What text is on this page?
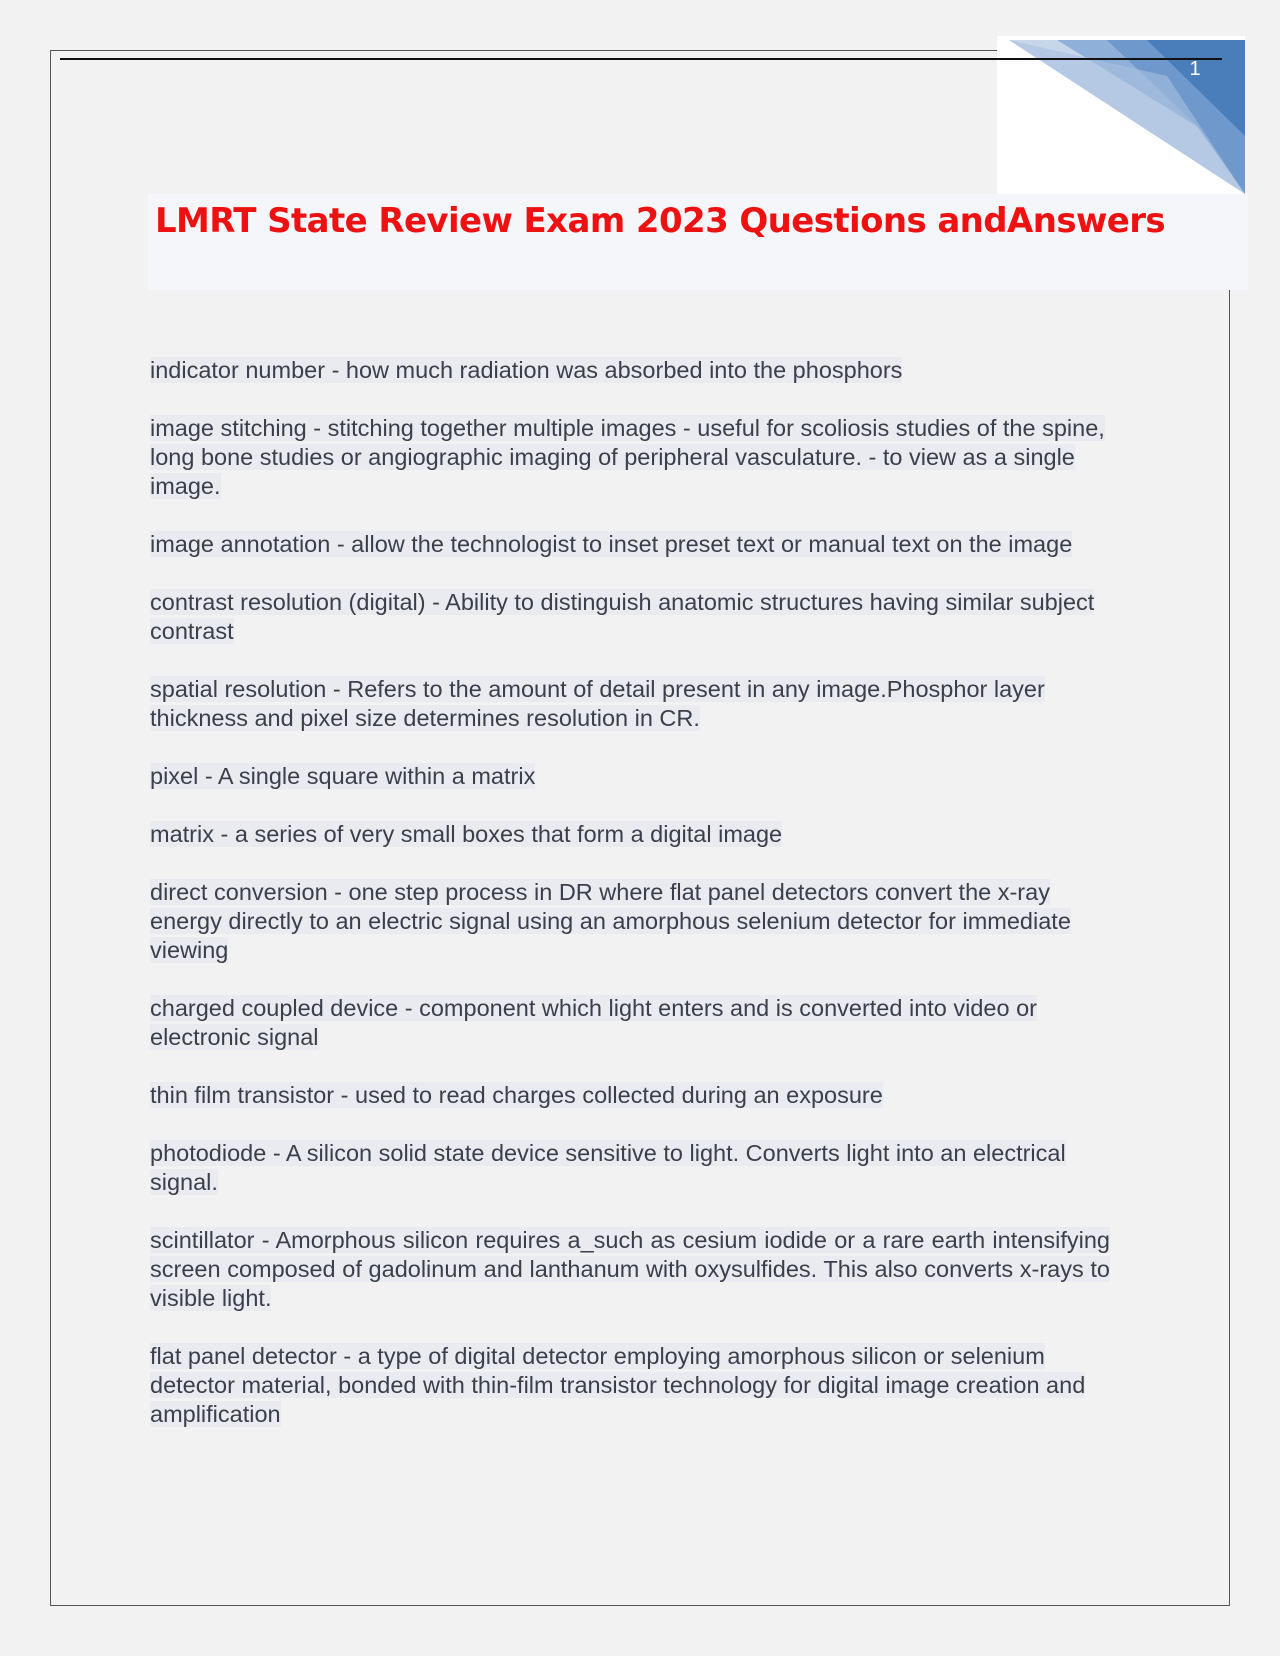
1
LMRT State Review Exam 2023 Questions andAnswers

indicator number - how much radiation was absorbed into the phosphors

image stitching - stitching together multiple images - useful for scoliosis studies of the spine, long bone studies or angiographic imaging of peripheral vasculature. - to view as a single image.

image annotation - allow the technologist to inset preset text or manual text on the image

contrast resolution (digital) - Ability to distinguish anatomic structures having similar subject contrast

spatial resolution - Refers to the amount of detail present in any image.Phosphor layer thickness and pixel size determines resolution in CR.

pixel - A single square within a matrix

matrix - a series of very small boxes that form a digital image

direct conversion - one step process in DR where flat panel detectors convert the x-ray energy directly to an electric signal using an amorphous selenium detector for immediate viewing

charged coupled device - component which light enters and is converted into video or electronic signal

thin film transistor - used to read charges collected during an exposure

photodiode - A silicon solid state device sensitive to light. Converts light into an electrical signal.

scintillator - Amorphous silicon requires a_such as cesium iodide or a rare earth intensifying screen composed of gadolinum and lanthanum with oxysulfides. This also converts x-rays to visible light.

flat panel detector - a type of digital detector employing amorphous silicon or selenium detector material, bonded with thin-film transistor technology for digital image creation and amplification
